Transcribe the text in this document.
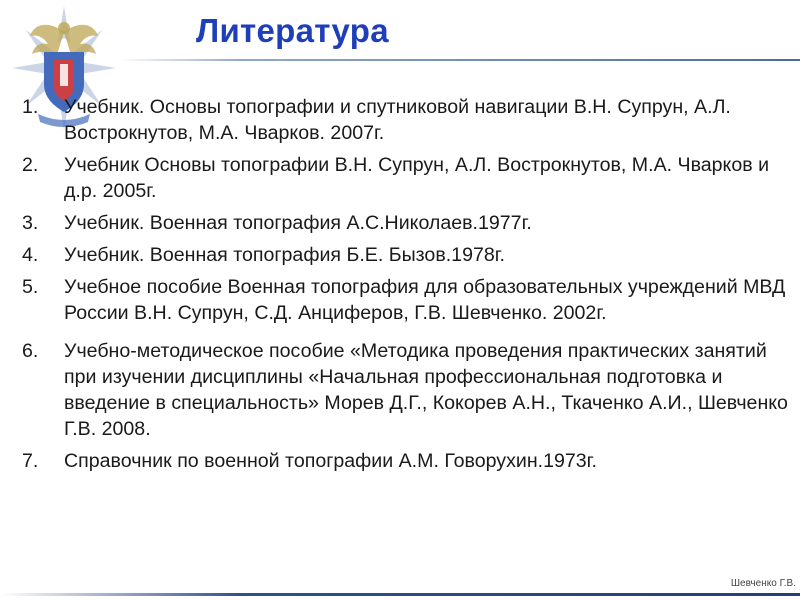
Литература
1. Учебник. Основы топографии и спутниковой навигации В.Н. Супрун, А.Л. Вострокнутов, М.А. Чварков. 2007г.
2. Учебник Основы топографии В.Н. Супрун, А.Л. Вострокнутов, М.А. Чварков и д.р. 2005г.
3. Учебник. Военная топография А.С.Николаев.1977г.
4. Учебник. Военная топография Б.Е. Бызов.1978г.
5. Учебное пособие Военная топография для образовательных учреждений МВД России В.Н. Супрун, С.Д. Анциферов, Г.В. Шевченко. 2002г.
6. Учебно-методическое пособие «Методика проведения практических занятий при изучении дисциплины «Начальная профессиональная подготовка и введение в специальность» Морев Д.Г., Кокорев А.Н., Ткаченко А.И., Шевченко Г.В. 2008.
7. Справочник по военной топографии А.М. Говорухин.1973г.
Шевченко Г.В.
